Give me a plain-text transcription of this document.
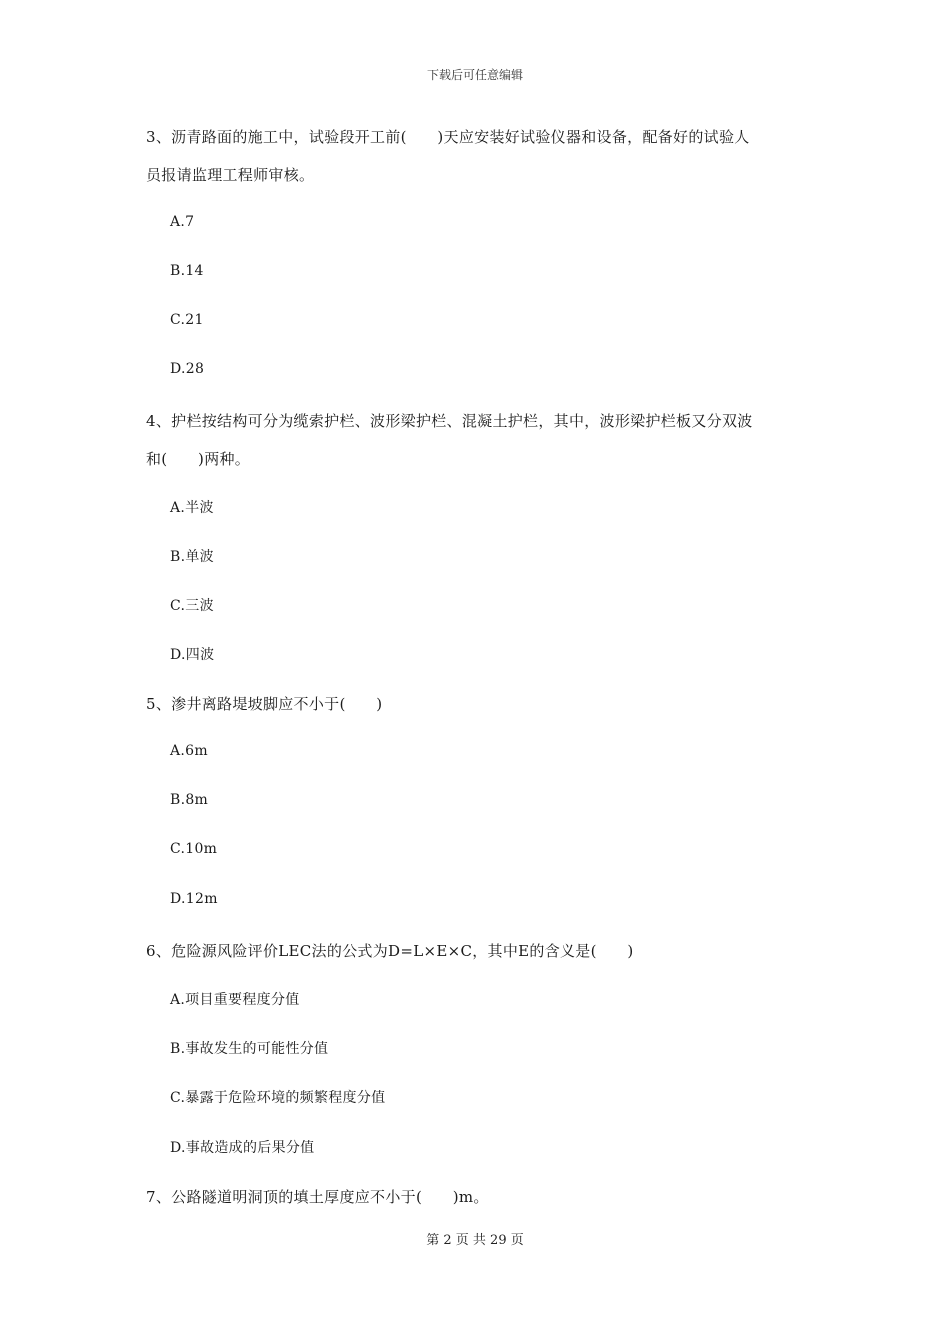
下载后可任意编辑
3、沥青路面的施工中，试验段开工前(　　)天应安装好试验仪器和设备，配备好的试验人
员报请监理工程师审核。
A.7
B.14
C.21
D.28
4、护栏按结构可分为缆索护栏、波形梁护栏、混凝土护栏，其中，波形梁护栏板又分双波
和(　　)两种。
A.半波
B.单波
C.三波
D.四波
5、渗井离路堤坡脚应不小于(　　)
A.6m
B.8m
C.10m
D.12m
6、危险源风险评价LEC法的公式为D=L×E×C，其中E的含义是(　　)
A.项目重要程度分值
B.事故发生的可能性分值
C.暴露于危险环境的频繁程度分值
D.事故造成的后果分值
7、公路隧道明洞顶的填土厚度应不小于(　　)m。
第 2 页 共 29 页
